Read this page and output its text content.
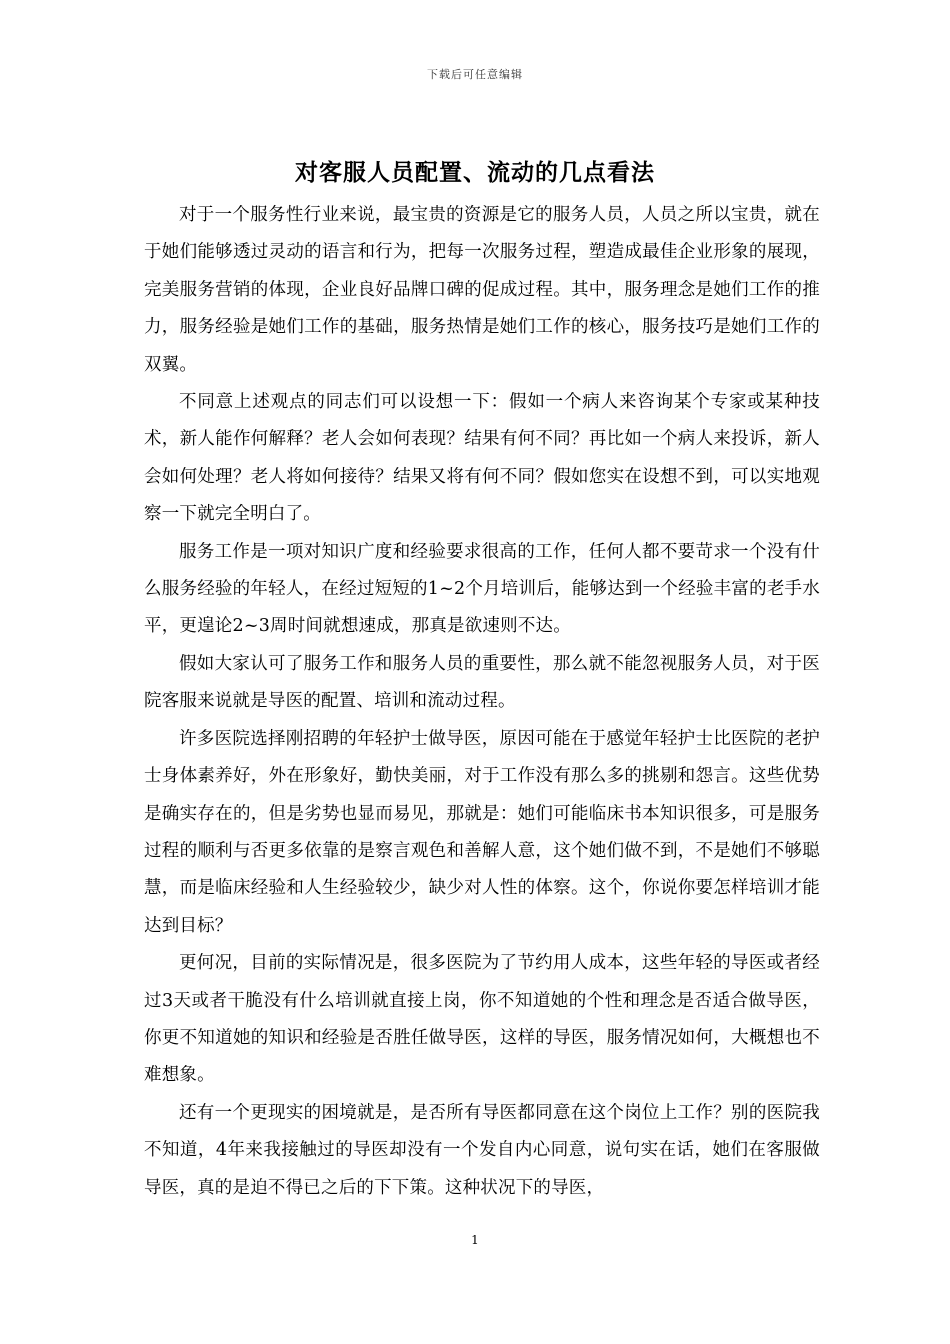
下载后可任意编辑
对客服人员配置、流动的几点看法

对于一个服务性行业来说，最宝贵的资源是它的服务人员，人员之所以宝贵，就在于她们能够透过灵动的语言和行为，把每一次服务过程，塑造成最佳企业形象的展现，完美服务营销的体现，企业良好品牌口碑的促成过程。其中，服务理念是她们工作的推力，服务经验是她们工作的基础，服务热情是她们工作的核心，服务技巧是她们工作的双翼。

不同意上述观点的同志们可以设想一下：假如一个病人来咨询某个专家或某种技术，新人能作何解释？老人会如何表现？结果有何不同？再比如一个病人来投诉，新人会如何处理？老人将如何接待？结果又将有何不同？假如您实在设想不到，可以实地观察一下就完全明白了。

服务工作是一项对知识广度和经验要求很高的工作，任何人都不要苛求一个没有什么服务经验的年轻人，在经过短短的1~2个月培训后，能够达到一个经验丰富的老手水平，更遑论2~3周时间就想速成，那真是欲速则不达。

假如大家认可了服务工作和服务人员的重要性，那么就不能忽视服务人员，对于医院客服来说就是导医的配置、培训和流动过程。

许多医院选择刚招聘的年轻护士做导医，原因可能在于感觉年轻护士比医院的老护士身体素养好，外在形象好，勤快美丽，对于工作没有那么多的挑剔和怨言。这些优势是确实存在的，但是劣势也显而易见，那就是：她们可能临床书本知识很多，可是服务过程的顺利与否更多依靠的是察言观色和善解人意，这个她们做不到，不是她们不够聪慧，而是临床经验和人生经验较少，缺少对人性的体察。这个，你说你要怎样培训才能达到目标？

更何况，目前的实际情况是，很多医院为了节约用人成本，这些年轻的导医或者经过3天或者干脆没有什么培训就直接上岗，你不知道她的个性和理念是否适合做导医，你更不知道她的知识和经验是否胜任做导医，这样的导医，服务情况如何，大概想也不难想象。

还有一个更现实的困境就是，是否所有导医都同意在这个岗位上工作？别的医院我不知道，4年来我接触过的导医却没有一个发自内心同意，说句实在话，她们在客服做导医，真的是迫不得已之后的下下策。这种状况下的导医，

1
